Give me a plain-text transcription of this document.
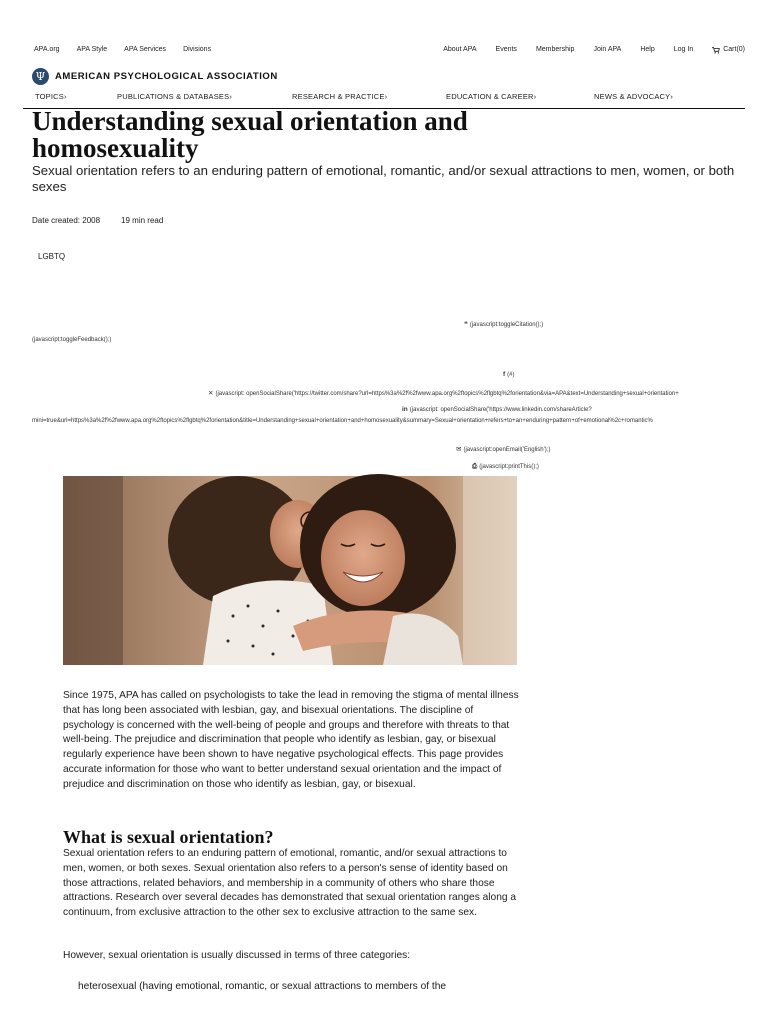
APA.org APA Style APA Services Divisions	About APA	Events	Membership	Join APA	Help	Log In	Cart(0)
Ψ	AMERICAN PSYCHOLOGICAL ASSOCIATION
TOPICS›	PUBLICATIONS & DATABASES›	RESEARCH & PRACTICE›	EDUCATION & CAREER›	NEWS & ADVOCACY›
Understanding sexual orientation and homosexuality

Sexual orientation refers to an enduring pattern of emotional, romantic, and/or sexual attractions to men, women, or both sexes

Date created: 2008	19 min read
LGBTQ
❝ (javascript:toggleCitation();)
(javascript:toggleFeedback();)
f (#)
✕ (javascript: openSocialShare('https://twitter.com/share?url=https%3a%2f%2fwww.apa.org%2ftopics%2flgbtq%2forientation&via=APA&text=Understanding+sexual+orientation+
in (javascript: openSocialShare('https://www.linkedin.com/shareArticle?
mini=true&url=https%3a%2f%2fwww.apa.org%2ftopics%2flgbtq%2forientation&title=Understanding+sexual+orientation+and+homosexuality&summary=Sexual+orientation+refers+to+an+enduring+pattern+of+emotional%2c+romantic%
✉ (javascript:openEmail('English');)
⎙ (javascript:printThis();)

Since 1975, APA has called on psychologists to take the lead in removing the stigma of mental illness that has long been associated with lesbian, gay, and bisexual orientations. The discipline of psychology is concerned with the well-being of people and groups and therefore with threats to that well-being. The prejudice and discrimination that people who identify as lesbian, gay, or bisexual regularly experience have been shown to have negative psychological effects. This page provides accurate information for those who want to better understand sexual orientation and the impact of prejudice and discrimination on those who identify as lesbian, gay, or bisexual.

What is sexual orientation?

Sexual orientation refers to an enduring pattern of emotional, romantic, and/or sexual attractions to men, women, or both sexes. Sexual orientation also refers to a person's sense of identity based on those attractions, related behaviors, and membership in a community of others who share those attractions. Research over several decades has demonstrated that sexual orientation ranges along a continuum, from exclusive attraction to the other sex to exclusive attraction to the same sex.

However, sexual orientation is usually discussed in terms of three categories:

heterosexual (having emotional, romantic, or sexual attractions to members of the
